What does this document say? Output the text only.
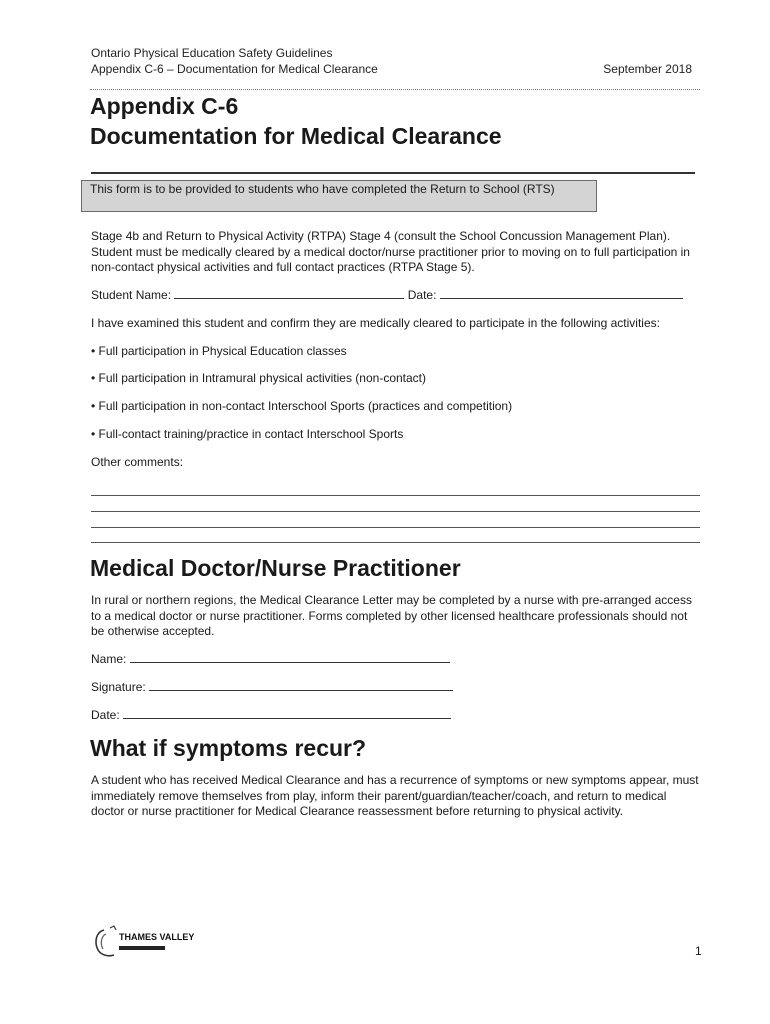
Ontario Physical Education Safety Guidelines
Appendix C-6 – Documentation for Medical Clearance	September 2018
Appendix C-6
Documentation for Medical Clearance
This form is to be provided to students who have completed the Return to School (RTS)
Stage 4b and Return to Physical Activity (RTPA) Stage 4 (consult the School Concussion Management Plan). Student must be medically cleared by a medical doctor/nurse practitioner prior to moving on to full participation in non-contact physical activities and full contact practices (RTPA Stage 5).
Student Name:	Date:
I have examined this student and confirm they are medically cleared to participate in the following activities:
• Full participation in Physical Education classes
• Full participation in Intramural physical activities (non-contact)
• Full participation in non-contact Interschool Sports (practices and competition)
• Full-contact training/practice in contact Interschool Sports
Other comments:
Medical Doctor/Nurse Practitioner
In rural or northern regions, the Medical Clearance Letter may be completed by a nurse with pre-arranged access to a medical doctor or nurse practitioner. Forms completed by other licensed healthcare professionals should not be otherwise accepted.
Name:
Signature:
Date:
What if symptoms recur?
A student who has received Medical Clearance and has a recurrence of symptoms or new symptoms appear, must immediately remove themselves from play, inform their parent/guardian/teacher/coach, and return to medical doctor or nurse practitioner for Medical Clearance reassessment before returning to physical activity.
THAMES VALLEY
1
